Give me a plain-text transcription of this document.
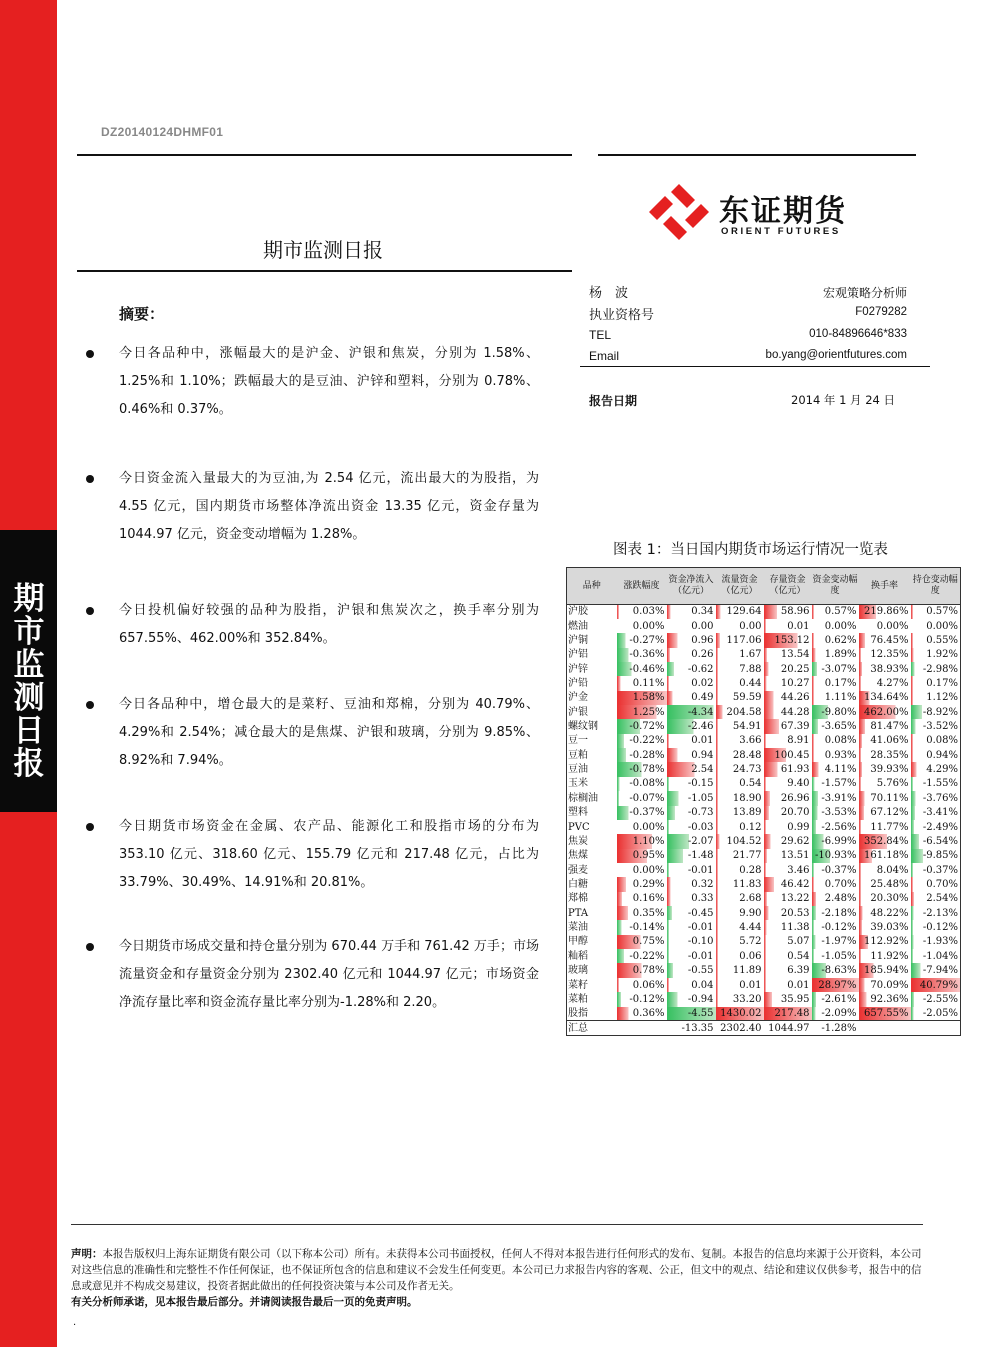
期
市
监
测
日
报
DZ20140124DHMF01
东证期货
ORIENT FUTURES
期市监测日报
杨　波	宏观策略分析师
执业资格号	F0279282
TEL	010-84896646*833
Email	bo.yang@orientfutures.com
报告日期	2014 年 1 月 24 日
摘要：
今日各品种中，涨幅最大的是沪金、沪银和焦炭，分别为 1.58%、1.25%和 1.10%；跌幅最大的是豆油、沪锌和塑料，分别为 0.78%、0.46%和 0.37%。
今日资金流入量最大的为豆油,为 2.54 亿元，流出最大的为股指，为 4.55 亿元，国内期货市场整体净流出资金 13.35 亿元，资金存量为 1044.97 亿元，资金变动增幅为 1.28%。
今日投机偏好较强的品种为股指，沪银和焦炭次之，换手率分别为 657.55%、462.00%和 352.84%。
今日各品种中，增仓最大的是菜籽、豆油和郑棉，分别为 40.79%、4.29%和 2.54%；减仓最大的是焦煤、沪银和玻璃，分别为 9.85%、8.92%和 7.94%。
今日期货市场资金在金属、农产品、能源化工和股指市场的分布为 353.10 亿元、318.60 亿元、155.79 亿元和 217.48 亿元，占比为 33.79%、30.49%、14.91%和 20.81%。
今日期货市场成交量和持仓量分别为 670.44 万手和 761.42 万手；市场流量资金和存量资金分别为 2302.40 亿元和 1044.97 亿元；市场资金净流存量比率和资金流存量比率分别为-1.28%和 2.20。
图表 1：当日国内期货市场运行情况一览表
品种	涨跌幅度	资金净流入（亿元）	流量资金（亿元）	存量资金（亿元）	资金变动幅度	换手率	持仓变动幅度
沪胶	0.03%	0.34	129.64	58.96	0.57%	219.86%	0.57%
燃油	0.00%	0.00	0.00	0.01	0.00%	0.00%	0.00%
沪铜	-0.27%	0.96	117.06	153.12	0.62%	76.45%	0.55%
沪铝	-0.36%	0.26	1.67	13.54	1.89%	12.35%	1.92%
沪锌	-0.46%	-0.62	7.88	20.25	-3.07%	38.93%	-2.98%
沪铅	0.11%	0.02	0.44	10.27	0.17%	4.27%	0.17%
沪金	1.58%	0.49	59.59	44.26	1.11%	134.64%	1.12%
沪银	1.25%	-4.34	204.58	44.28	-9.80%	462.00%	-8.92%
螺纹钢	-0.72%	-2.46	54.91	67.39	-3.65%	81.47%	-3.52%
豆一	-0.22%	0.01	3.66	8.91	0.08%	41.06%	0.08%
豆粕	-0.28%	0.94	28.48	100.45	0.93%	28.35%	0.94%
豆油	-0.78%	2.54	24.73	61.93	4.11%	39.93%	4.29%
玉米	-0.08%	-0.15	0.54	9.40	-1.57%	5.76%	-1.55%
棕榈油	-0.07%	-1.05	18.90	26.96	-3.91%	70.11%	-3.76%
塑料	-0.37%	-0.73	13.89	20.70	-3.53%	67.12%	-3.41%
PVC	0.00%	-0.03	0.12	0.99	-2.56%	11.77%	-2.49%
焦炭	1.10%	-2.07	104.52	29.62	-6.99%	352.84%	-6.54%
焦煤	0.95%	-1.48	21.77	13.51	-10.93%	161.18%	-9.85%
强麦	0.00%	-0.01	0.28	3.46	-0.37%	8.04%	-0.37%
白糖	0.29%	0.32	11.83	46.42	0.70%	25.48%	0.70%
郑棉	0.16%	0.33	2.68	13.22	2.48%	20.30%	2.54%
PTA	0.35%	-0.45	9.90	20.53	-2.18%	48.22%	-2.13%
菜油	-0.14%	-0.01	4.44	11.38	-0.12%	39.03%	-0.12%
甲醇	0.75%	-0.10	5.72	5.07	-1.97%	112.92%	-1.93%
籼稻	-0.22%	-0.01	0.06	0.54	-1.05%	11.92%	-1.04%
玻璃	0.78%	-0.55	11.89	6.39	-8.63%	185.94%	-7.94%
菜籽	0.06%	0.04	0.01	0.01	28.97%	70.09%	40.79%
菜粕	-0.12%	-0.94	33.20	35.95	-2.61%	92.36%	-2.55%
股指	0.36%	-4.55	1430.02	217.48	-2.09%	657.55%	-2.05%
汇总		-13.35	2302.40	1044.97	-1.28%		
声明：本报告版权归上海东证期货有限公司（以下称本公司）所有。未获得本公司书面授权，任何人不得对本报告进行任何形式的发布、复制。本报告的信息均来源于公开资料，本公司对这些信息的准确性和完整性不作任何保证，也不保证所包含的信息和建议不会发生任何变更。本公司已力求报告内容的客观、公正，但文中的观点、结论和建议仅供参考，报告中的信息或意见并不构成交易建议，投资者据此做出的任何投资决策与本公司及作者无关。
有关分析师承诺，见本报告最后部分。并请阅读报告最后一页的免责声明。
.
